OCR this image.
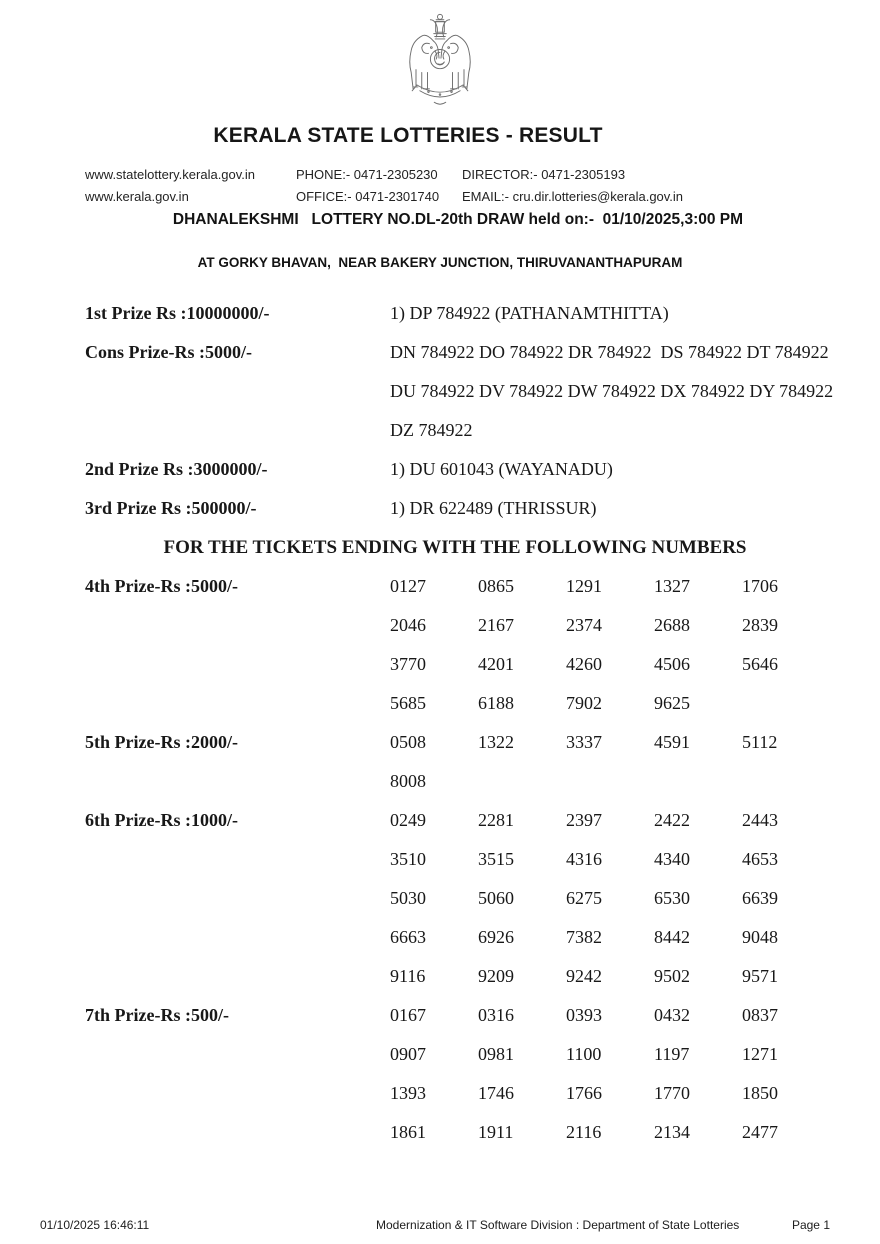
KERALA STATE LOTTERIES - RESULT
www.statelottery.kerala.gov.in	PHONE:- 0471-2305230	DIRECTOR:- 0471-2305193
www.kerala.gov.in	OFFICE:- 0471-2301740	EMAIL:- cru.dir.lotteries@kerala.gov.in
DHANALEKSHMI   LOTTERY NO.DL-20th DRAW held on:-  01/10/2025,3:00 PM
AT GORKY BHAVAN,  NEAR BAKERY JUNCTION, THIRUVANANTHAPURAM
1st Prize Rs :10000000/-	1) DP 784922 (PATHANAMTHITTA)
Cons Prize-Rs :5000/-	DN 784922 DO 784922 DR 784922  DS 784922 DT 784922
DU 784922 DV 784922 DW 784922 DX 784922 DY 784922
DZ 784922
2nd Prize Rs :3000000/-	1) DU 601043 (WAYANADU)
3rd Prize Rs :500000/-	1) DR 622489 (THRISSUR)
FOR THE TICKETS ENDING WITH THE FOLLOWING NUMBERS
4th Prize-Rs :5000/-	0127	0865	1291	1327	1706
2046	2167	2374	2688	2839
3770	4201	4260	4506	5646
5685	6188	7902	9625
5th Prize-Rs :2000/-	0508	1322	3337	4591	5112
8008
6th Prize-Rs :1000/-	0249	2281	2397	2422	2443
3510	3515	4316	4340	4653
5030	5060	6275	6530	6639
6663	6926	7382	8442	9048
9116	9209	9242	9502	9571
7th Prize-Rs :500/-	0167	0316	0393	0432	0837
0907	0981	1100	1197	1271
1393	1746	1766	1770	1850
1861	1911	2116	2134	2477
01/10/2025 16:46:11	Modernization & IT Software Division : Department of State Lotteries	Page 1
